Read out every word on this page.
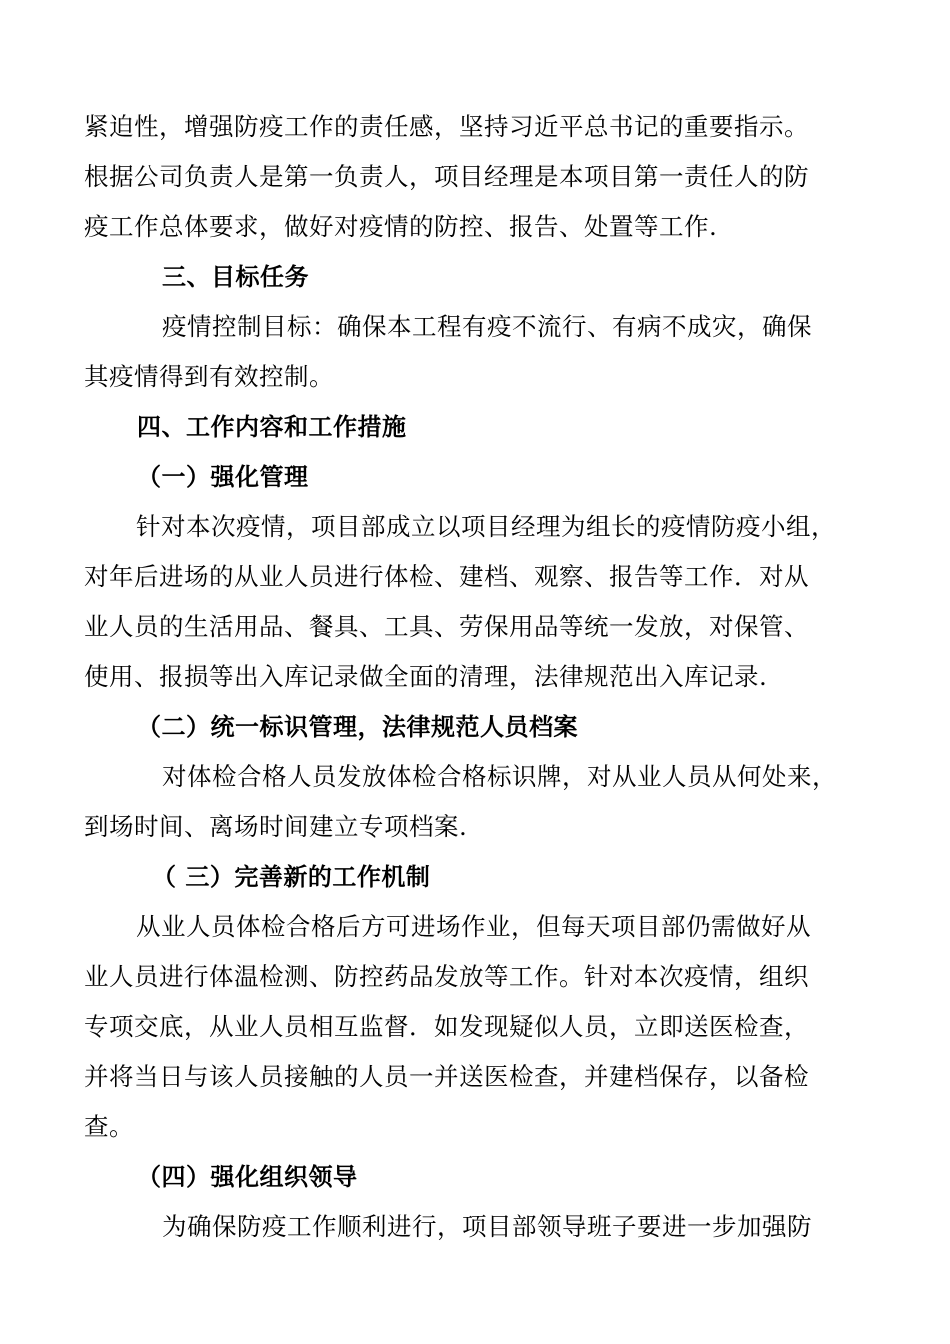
紧迫性，增强防疫工作的责任感，坚持习近平总书记的重要指示。
根据公司负责人是第一负责人，项目经理是本项目第一责任人的防
疫工作总体要求，做好对疫情的防控、报告、处置等工作.
三、目标任务
疫情控制目标：确保本工程有疫不流行、有病不成灾，确保
其疫情得到有效控制。
四、工作内容和工作措施
（一）强化管理
针对本次疫情，项目部成立以项目经理为组长的疫情防疫小组，
对年后进场的从业人员进行体检、建档、观察、报告等工作．对从
业人员的生活用品、餐具、工具、劳保用品等统一发放，对保管、
使用、报损等出入库记录做全面的清理，法律规范出入库记录.
（二）统一标识管理，法律规范人员档案
对体检合格人员发放体检合格标识牌，对从业人员从何处来，
到场时间、离场时间建立专项档案.
（ 三）完善新的工作机制
从业人员体检合格后方可进场作业，但每天项目部仍需做好从
业人员进行体温检测、防控药品发放等工作。针对本次疫情，组织
专项交底，从业人员相互监督．如发现疑似人员，立即送医检查，
并将当日与该人员接触的人员一并送医检查，并建档保存，以备检
查。
（四）强化组织领导
为确保防疫工作顺利进行，项目部领导班子要进一步加强防
